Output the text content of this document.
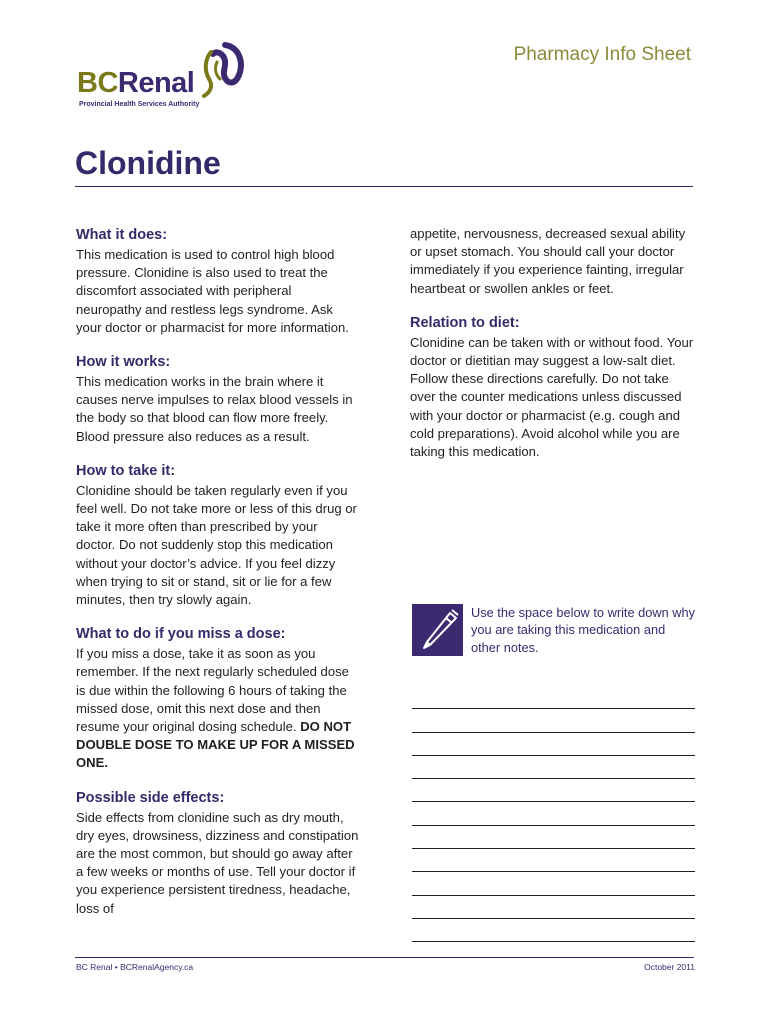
BCRenal
Provincial Health Services Authority
Pharmacy Info Sheet
Clonidine
What it does:

This medication is used to control high blood pressure. Clonidine is also used to treat the discomfort associated with peripheral neuropathy and restless legs syndrome. Ask your doctor or pharmacist for more information.

How it works:

This medication works in the brain where it causes nerve impulses to relax blood vessels in the body so that blood can flow more freely. Blood pressure also reduces as a result.

How to take it:

Clonidine should be taken regularly even if you feel well. Do not take more or less of this drug or take it more often than prescribed by your doctor. Do not suddenly stop this medication without your doctor’s advice. If you feel dizzy when trying to sit or stand, sit or lie for a few minutes, then try slowly again.

What to do if you miss a dose:

If you miss a dose, take it as soon as you remember. If the next regularly scheduled dose is due within the following 6 hours of taking the missed dose, omit this next dose and then resume your original dosing schedule. DO NOT DOUBLE DOSE TO MAKE UP FOR A MISSED ONE.

Possible side effects:

Side effects from clonidine such as dry mouth, dry eyes, drowsiness, dizziness and constipation are the most common, but should go away after a few weeks or months of use. Tell your doctor if you experience persistent tiredness, headache, loss of

appetite, nervousness, decreased sexual ability or upset stomach. You should call your doctor immediately if you experience fainting, irregular heartbeat or swollen ankles or feet.

Relation to diet:

Clonidine can be taken with or without food. Your doctor or dietitian may suggest a low-salt diet. Follow these directions carefully. Do not take over the counter medications unless discussed with your doctor or pharmacist (e.g. cough and cold preparations). Avoid alcohol while you are taking this medication.

Use the space below to write down why you are taking this medication and other notes.
BC Renal • BCRenalAgency.ca	October 2011
